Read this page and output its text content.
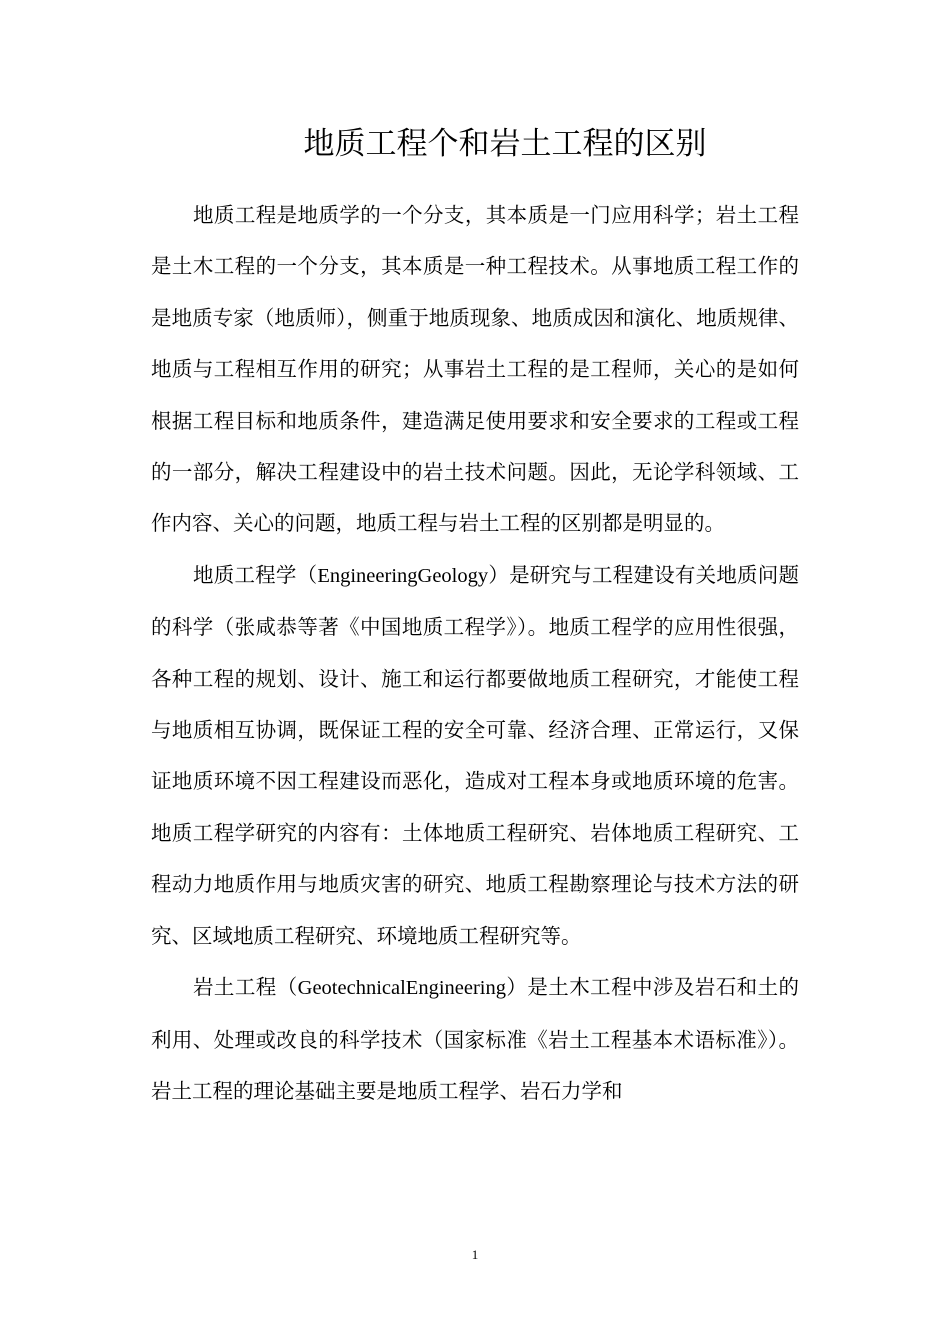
地质工程个和岩土工程的区别

地质工程是地质学的一个分支，其本质是一门应用科学；岩土工程是土木工程的一个分支，其本质是一种工程技术。从事地质工程工作的是地质专家（地质师），侧重于地质现象、地质成因和演化、地质规律、地质与工程相互作用的研究；从事岩土工程的是工程师，关心的是如何根据工程目标和地质条件，建造满足使用要求和安全要求的工程或工程的一部分，解决工程建设中的岩土技术问题。因此，无论学科领域、工作内容、关心的问题，地质工程与岩土工程的区别都是明显的。

地质工程学（EngineeringGeology）是研究与工程建设有关地质问题的科学（张咸恭等著《中国地质工程学》）。地质工程学的应用性很强，各种工程的规划、设计、施工和运行都要做地质工程研究，才能使工程与地质相互协调，既保证工程的安全可靠、经济合理、正常运行，又保证地质环境不因工程建设而恶化，造成对工程本身或地质环境的危害。地质工程学研究的内容有：土体地质工程研究、岩体地质工程研究、工程动力地质作用与地质灾害的研究、地质工程勘察理论与技术方法的研究、区域地质工程研究、环境地质工程研究等。

岩土工程（GeotechnicalEngineering）是土木工程中涉及岩石和土的利用、处理或改良的科学技术（国家标准《岩土工程基本术语标准》）。岩土工程的理论基础主要是地质工程学、岩石力学和

1
